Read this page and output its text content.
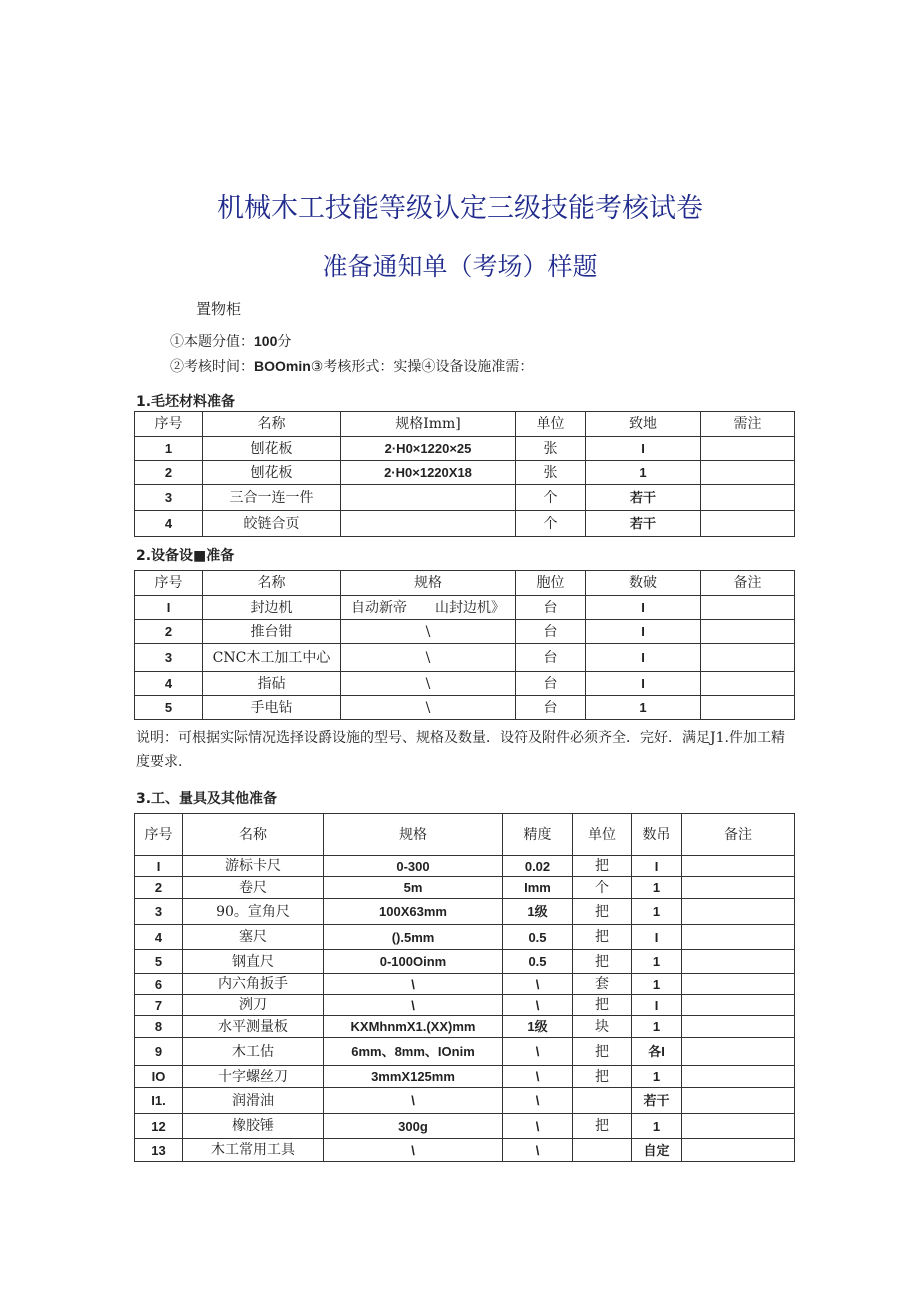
机械木工技能等级认定三级技能考核试卷
准备通知单（考场）样题
置物柜
①本题分值：100分
②考核时间：BOOmin③考核形式：实操④设备设施准需：
1.毛坯材料准备
序号	名称	规格Imm]	单位	致地	需注
1	刨花板	2·H0×1220×25	张	I	
2	刨花板	2·H0×1220X18	张	1	
3	三合一连一件		个	若干	
4	皎链合页		个	若干	
2.设备设■准备
序号	名称	规格	胞位	数破	备注
I	封边机	自动新帝　　山封边机》	台	I	
2	推台钳	\	台	I	
3	CNC木工加工中心	\	台	I	
4	指砧	\	台	I	
5	手电钻	\	台	1	
说明：可根据实际情况选择设爵设施的型号、规格及数量．设符及附件必须齐全．完好．满足J1.件加工精度要求.
3.工、量具及其他准备
序号	名称	规格	精度	单位	数吊	备注
I	游标卡尺	0-300	0.02	把	I	
2	卷尺	5m	Imm	个	1	
3	90。宣角尺	100X63mm	1级	把	1	
4	塞尺	().5mm	0.5	把	I	
5	钢直尺	0-100Oinm	0.5	把	1	
6	内六角扳手	\	\	套	1	
7	洌刀	\	\	把	I	
8	水平测量板	KXMhnmX1.(XX)mm	1级	块	1	
9	木工估	6mm、8mm、IOnim	\	把	各I	
IO	十字螺丝刀	3mmX125mm	\	把	1	
I1.	润滑油	\	\		若干	
12	橡胶锤	300g	\	把	1	
13	木工常用工具	\	\		自定	
